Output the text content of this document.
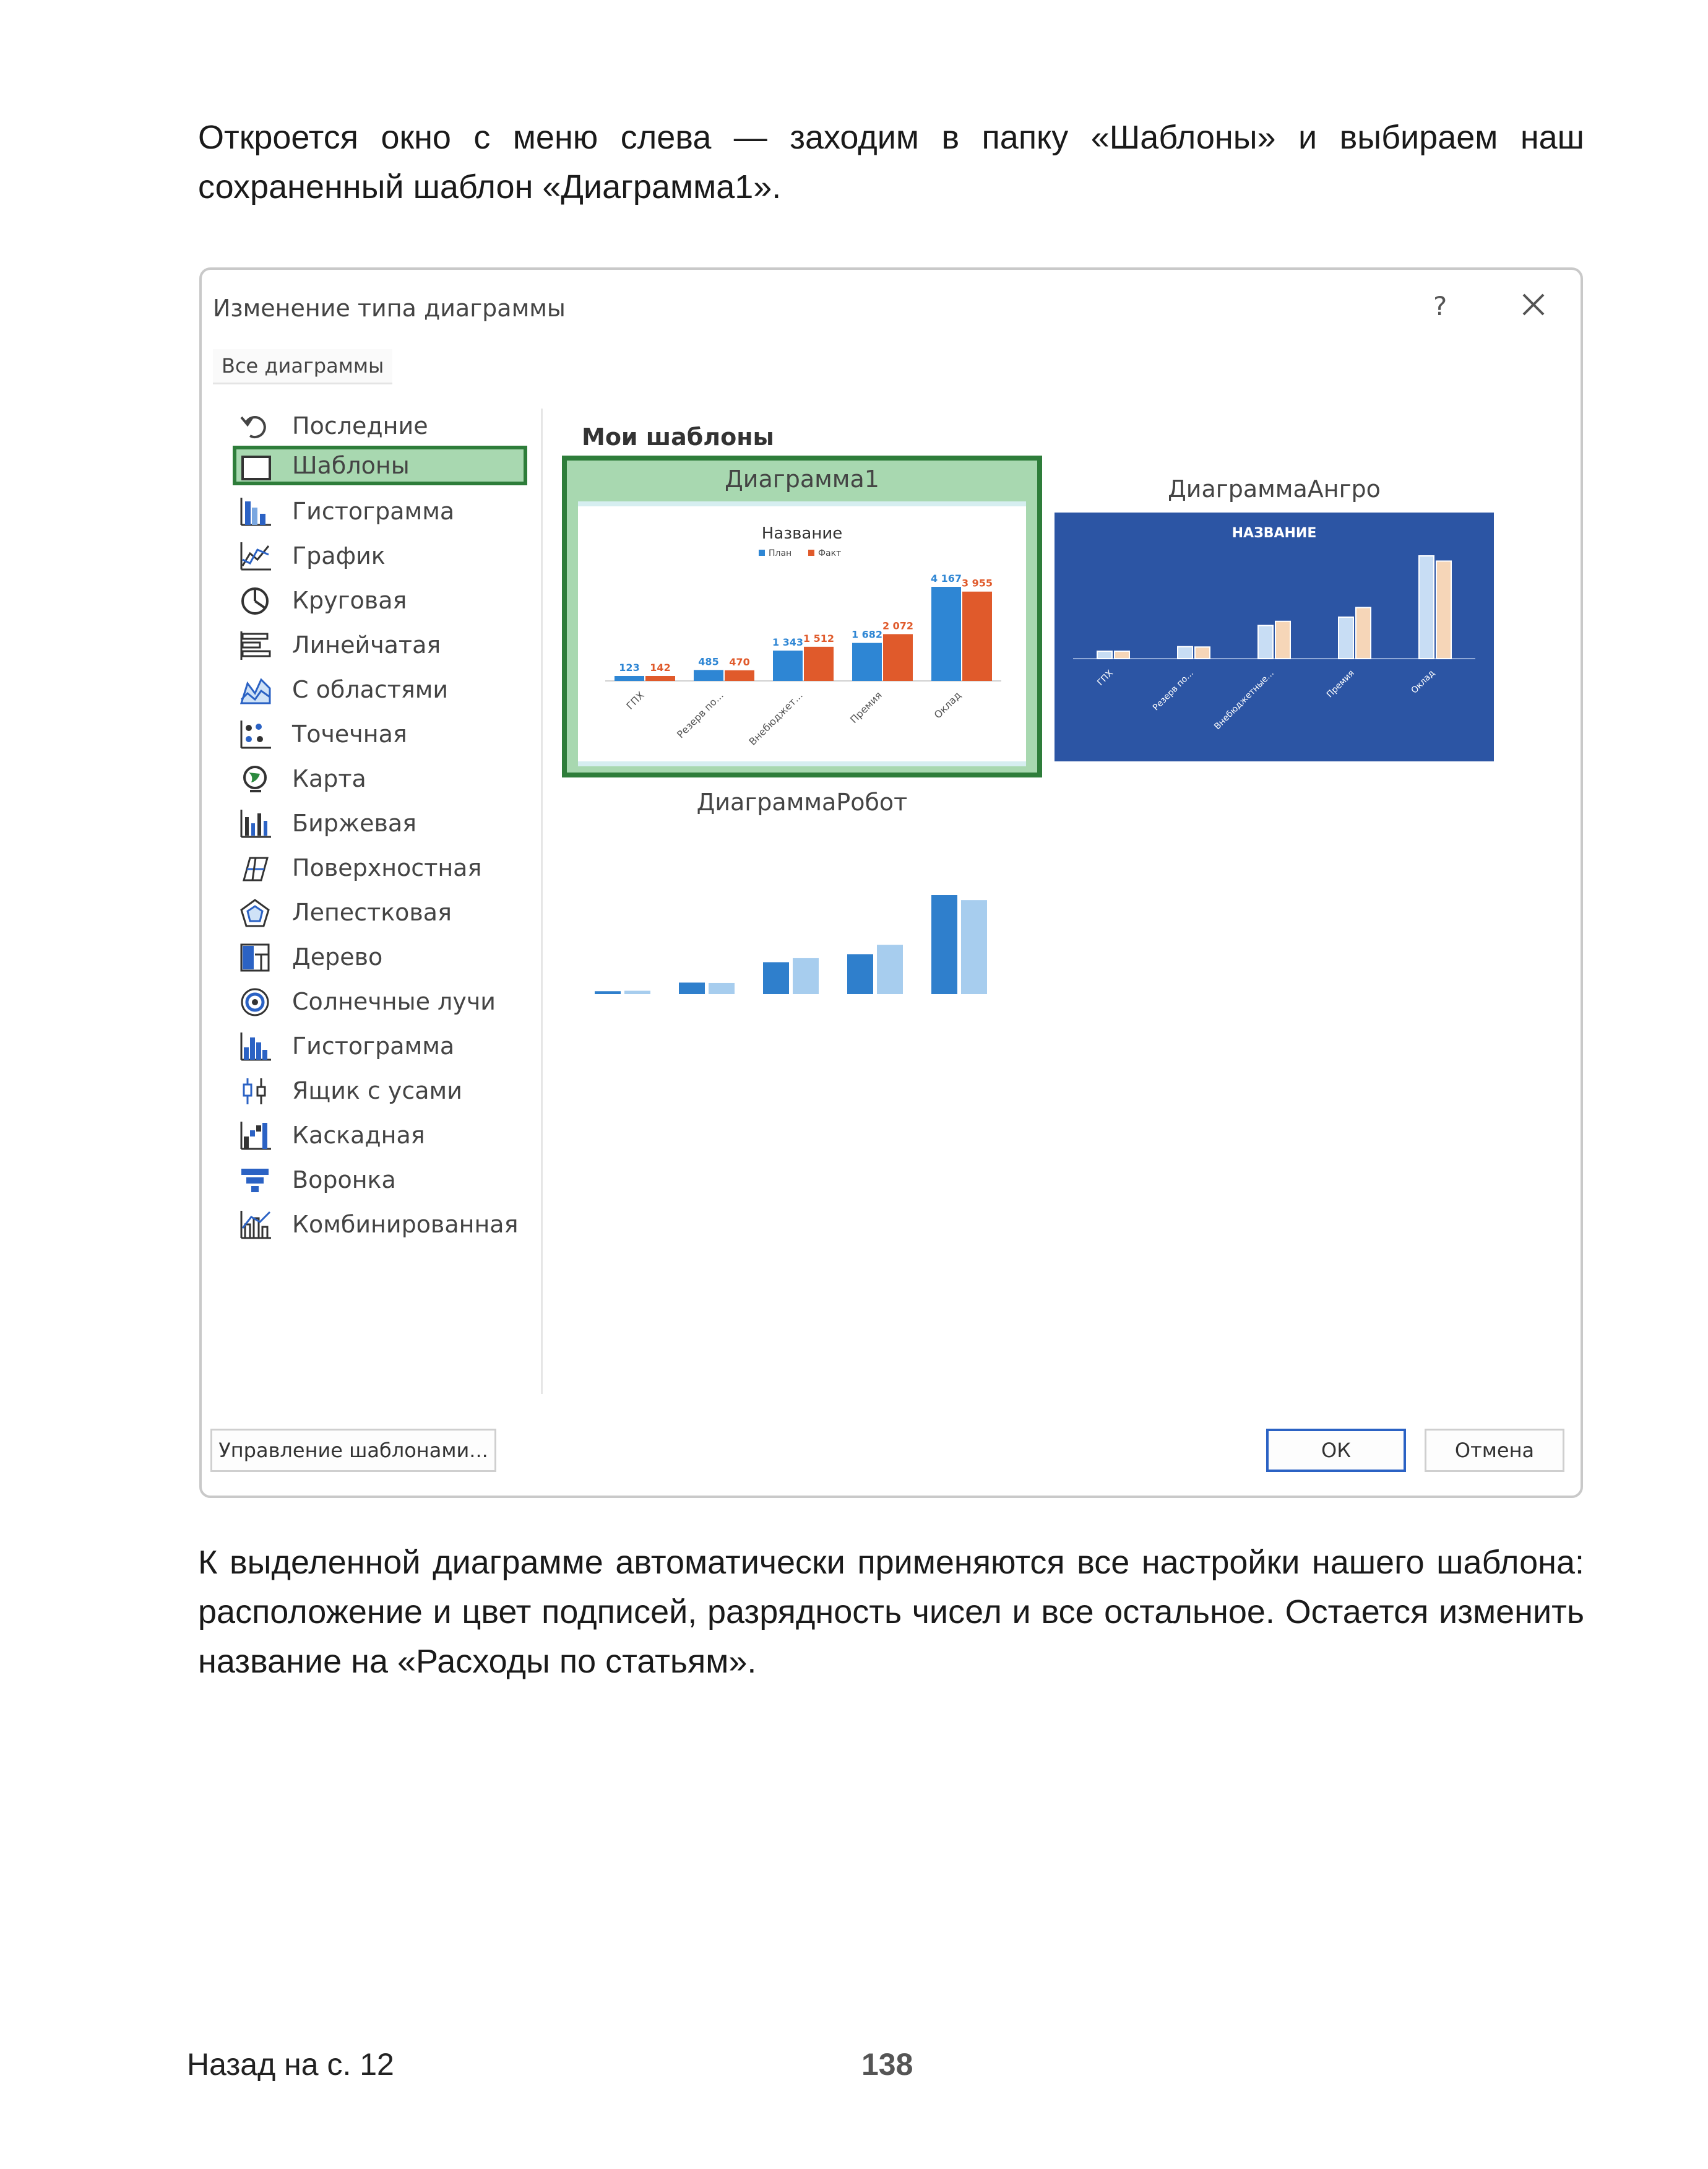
Откроется окно с меню слева — заходим в папку «Шаблоны» и выбираем наш сохраненный шаблон «Диаграмма1».
Изменение типа диаграммы	?
Все диаграммы
Последние
Шаблоны
Гистограмма
График
Круговая
Линейчатая
С областями
Точечная
Карта
Биржевая
Поверхностная
Лепестковая
Дерево
Солнечные лучи
Гистограмма
Ящик с усами
Каскадная
Воронка
Комбинированная
Мои шаблоны
Диаграмма1
Название
План	Факт
123 142
ГПХ
485 470
Резерв по...
1 343 1 512
Внебюджет...
1 682
2 072
Премия
4 167 3 955
Оклад
ДиаграммаАнгро
НАЗВАНИЕ
ГПХ	Резерв по... Внебюджетные...	Премия	Оклад
ДиаграммаРобот
Управление шаблонами...	ОК	Отмена
К выделенной диаграмме автоматически применяются все настройки нашего шаблона: расположение и цвет подписей, разрядность чисел и все остальное. Остается изменить название на «Расходы по статьям».
Назад на с. 12	138
